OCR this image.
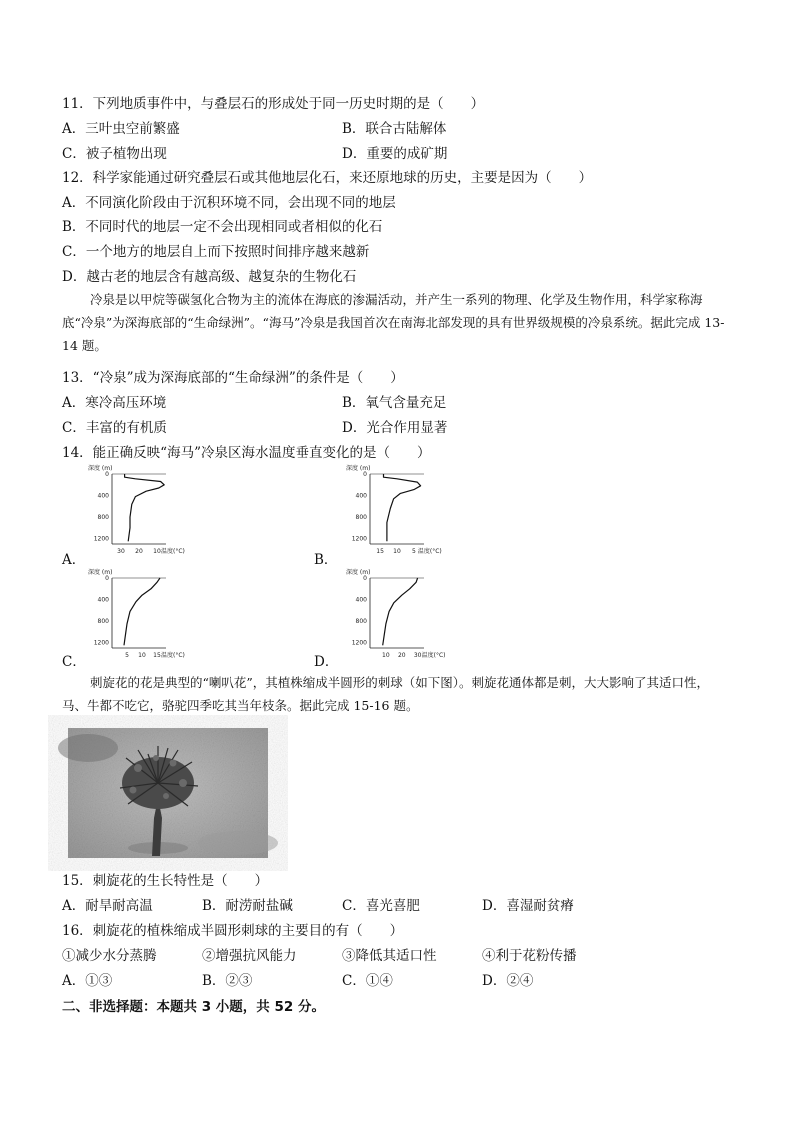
11．下列地质事件中，与叠层石的形成处于同一历史时期的是（　　）
A．三叶虫空前繁盛	B．联合古陆解体
C．被子植物出现	D．重要的成矿期
12．科学家能通过研究叠层石或其他地层化石，来还原地球的历史，主要是因为（　　）
A．不同演化阶段由于沉积环境不同，会出现不同的地层
B．不同时代的地层一定不会出现相同或者相似的化石
C．一个地方的地层自上而下按照时间排序越来越新
D．越古老的地层含有越高级、越复杂的生物化石
冷泉是以甲烷等碳氢化合物为主的流体在海底的渗漏活动，并产生一系列的物理、化学及生物作用，科学家称海底“冷泉”为深海底部的“生命绿洲”。“海马”冷泉是我国首次在南海北部发现的具有世界级规模的冷泉系统。据此完成 13-14 题。
13．“冷泉”成为深海底部的“生命绿洲”的条件是（　　）
A．寒冷高压环境	B．氧气含量充足
C．丰富的有机质	D．光合作用显著
14．能正确反映“海马”冷泉区海水温度垂直变化的是（　　）
A．	B．
C．	D．
深度 (m)
0
400
800
1200
30 20 10 温度(°C)
深度 (m)
0
400
800
1200
15 10 5 温度(°C)
深度 (m)
0
400
800
1200
5 10 15 温度(°C)
深度 (m)
0
400
800
1200
10 20 30 温度(°C)
刺旋花的花是典型的“喇叭花”，其植株缩成半圆形的刺球（如下图）。刺旋花通体都是刺，大大影响了其适口性，马、牛都不吃它，骆驼四季吃其当年枝条。据此完成 15-16 题。
15．刺旋花的生长特性是（　　）
A．耐旱耐高温	B．耐涝耐盐碱	C．喜光喜肥	D．喜湿耐贫瘠
16．刺旋花的植株缩成半圆形刺球的主要目的有（　　）
①减少水分蒸腾	②增强抗风能力	③降低其适口性	④利于花粉传播
A．①③	B．②③	C．①④	D．②④
二、非选择题：本题共 3 小题，共 52 分。
